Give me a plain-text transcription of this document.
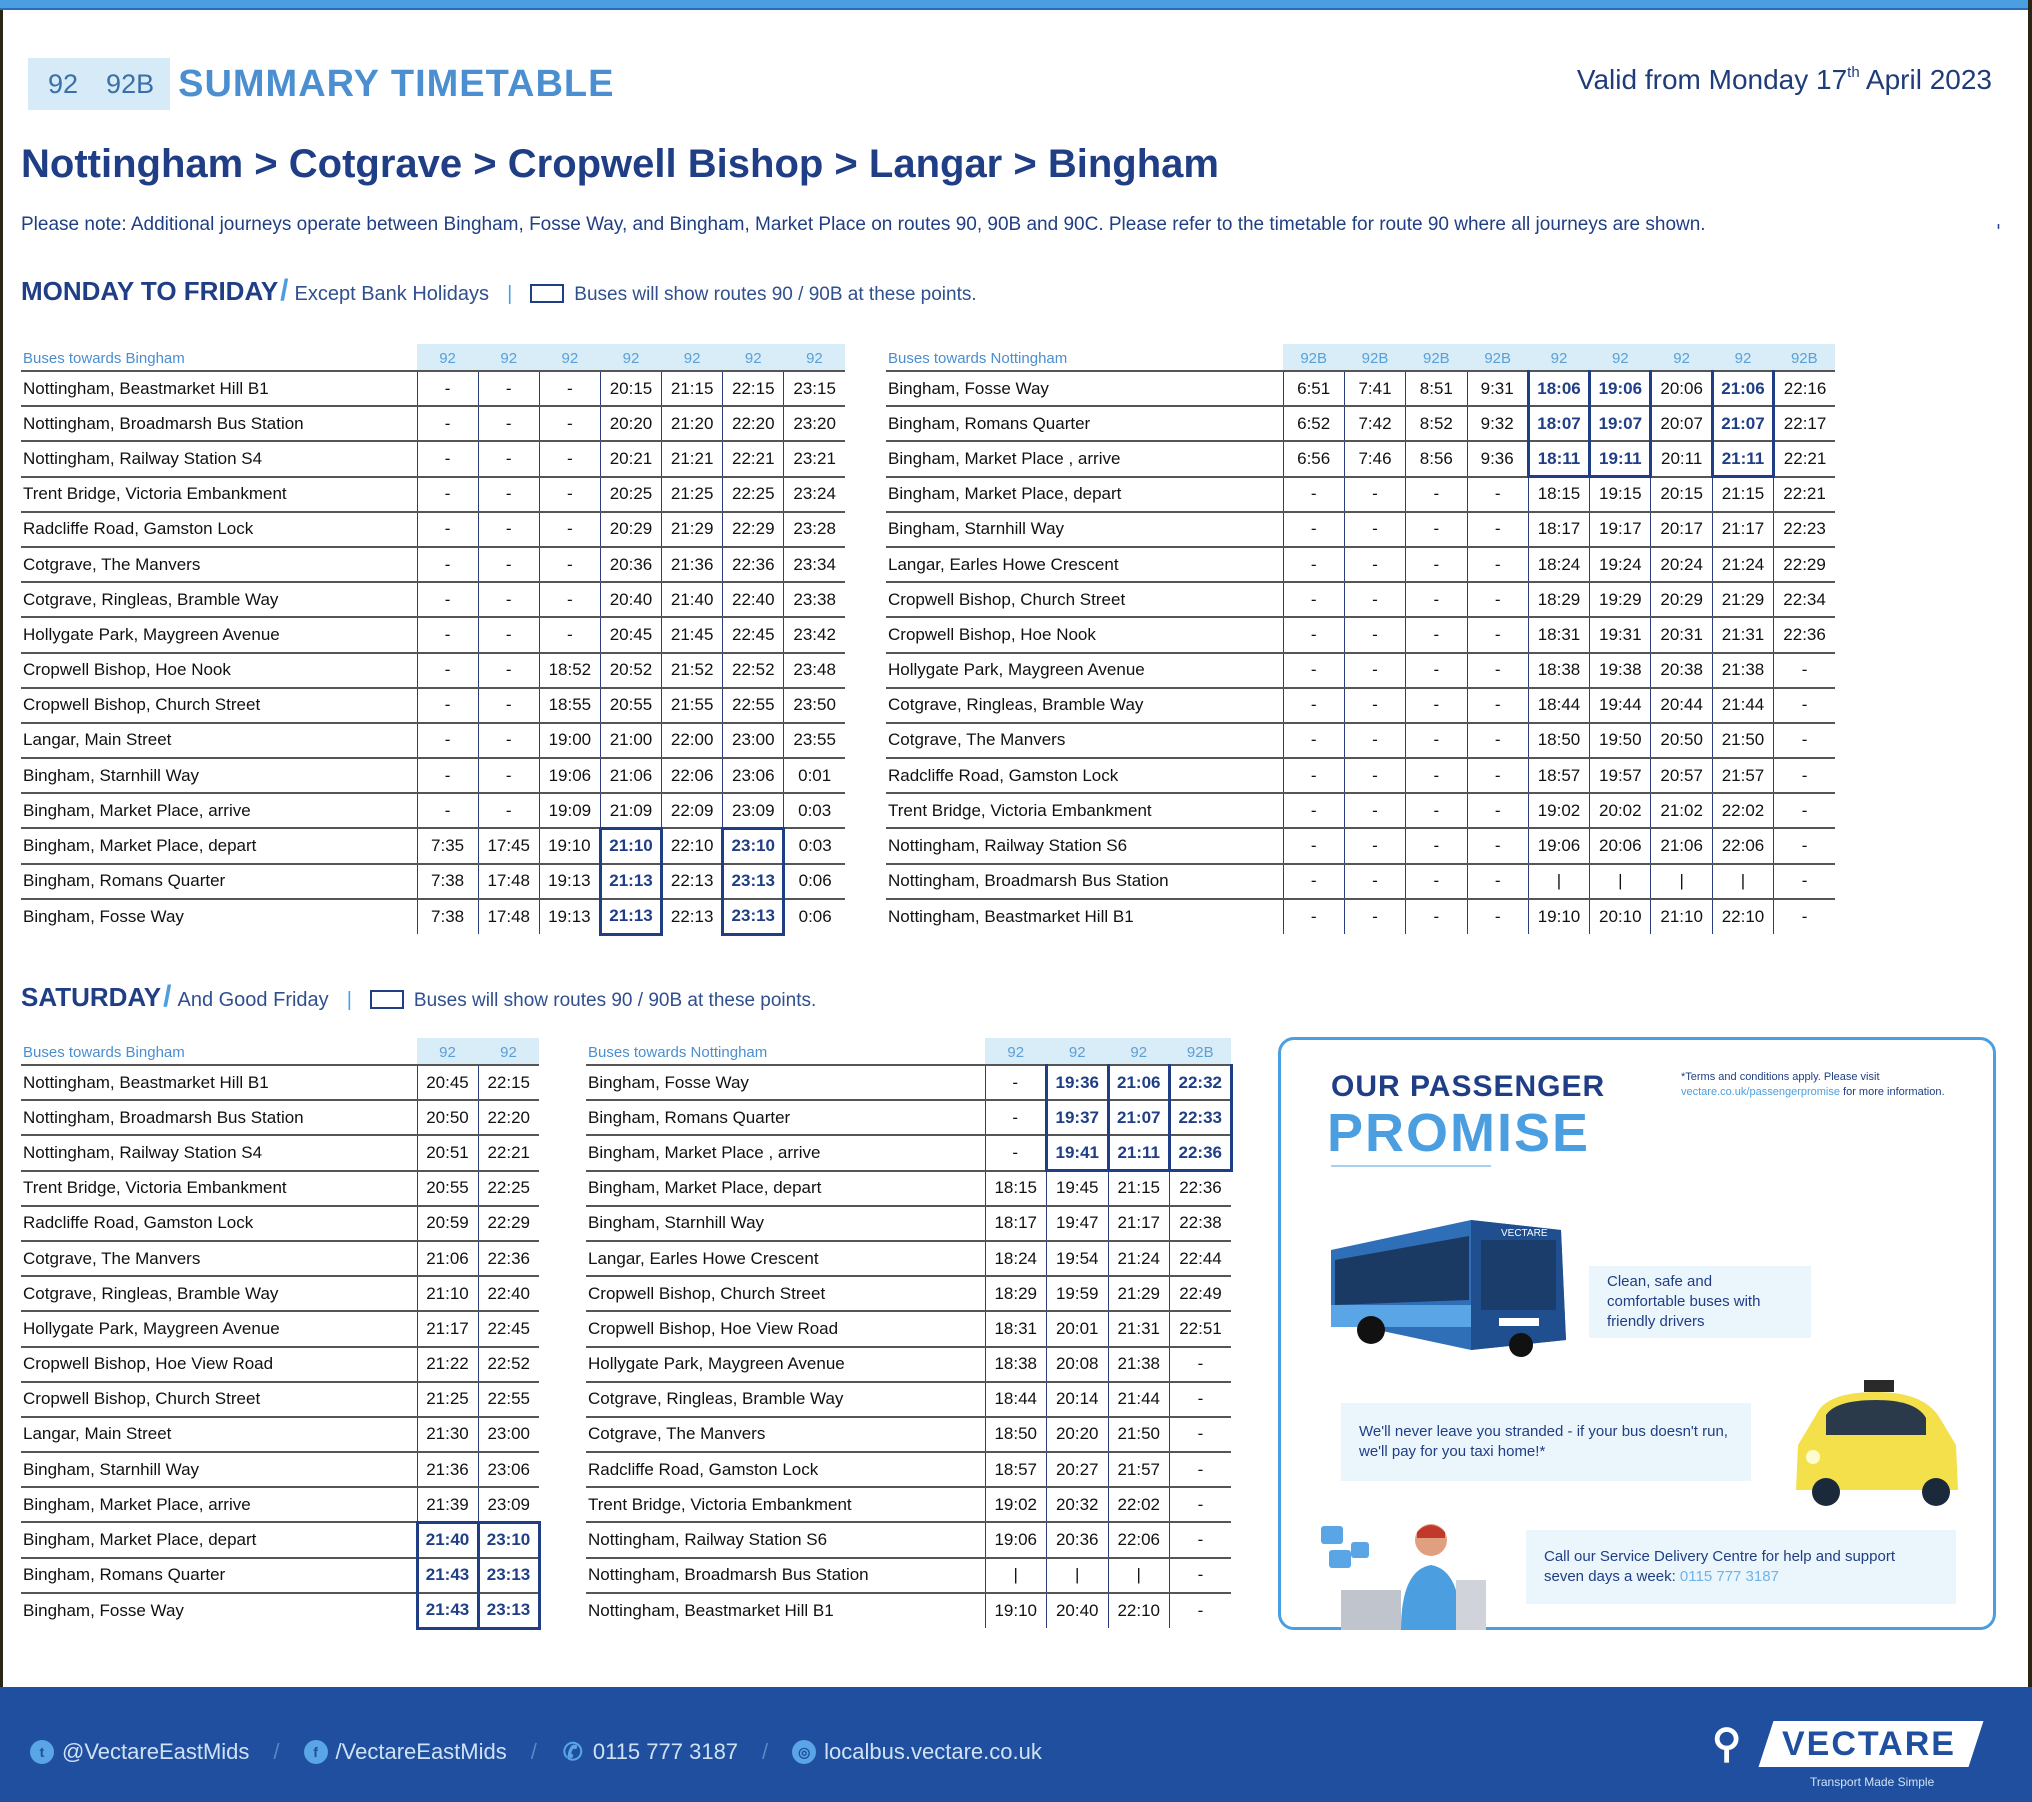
92	92B SUMMARY TIMETABLE	Valid from Monday 17th April 2023
Nottingham > Cotgrave > Cropwell Bishop > Langar > Bingham
Please note: Additional journeys operate between Bingham, Fosse Way, and Bingham, Market Place on routes 90, 90B and 90C. Please refer to the timetable for route 90 where all journeys are shown.	'
MONDAY TO FRIDAY / Except Bank Holidays |	Buses will show routes 90 / 90B at these points.
Buses towards Bingham	92	92	92	92	92	92	92
Nottingham, Beastmarket Hill B1	-	-	-	20:15	21:15	22:15	23:15
Nottingham, Broadmarsh Bus Station	-	-	-	20:20	21:20	22:20	23:20
Nottingham, Railway Station S4	-	-	-	20:21	21:21	22:21	23:21
Trent Bridge, Victoria Embankment	-	-	-	20:25	21:25	22:25	23:24
Radcliffe Road, Gamston Lock	-	-	-	20:29	21:29	22:29	23:28
Cotgrave, The Manvers	-	-	-	20:36	21:36	22:36	23:34
Cotgrave, Ringleas, Bramble Way	-	-	-	20:40	21:40	22:40	23:38
Hollygate Park, Maygreen Avenue	-	-	-	20:45	21:45	22:45	23:42
Cropwell Bishop, Hoe Nook	-	-	18:52	20:52	21:52	22:52	23:48
Cropwell Bishop, Church Street	-	-	18:55	20:55	21:55	22:55	23:50
Langar, Main Street	-	-	19:00	21:00	22:00	23:00	23:55
Bingham, Starnhill Way	-	-	19:06	21:06	22:06	23:06	0:01
Bingham, Market Place, arrive	-	-	19:09	21:09	22:09	23:09	0:03
Bingham, Market Place, depart	7:35	17:45	19:10	21:10	22:10	23:10	0:03
Bingham, Romans Quarter	7:38	17:48	19:13	21:13	22:13	23:13	0:06
Bingham, Fosse Way	7:38	17:48	19:13	21:13	22:13	23:13	0:06
Buses towards Nottingham	92B	92B	92B	92B	92	92	92	92	92B
Bingham, Fosse Way	6:51	7:41	8:51	9:31	18:06	19:06	20:06	21:06	22:16
Bingham, Romans Quarter	6:52	7:42	8:52	9:32	18:07	19:07	20:07	21:07	22:17
Bingham, Market Place , arrive	6:56	7:46	8:56	9:36	18:11	19:11	20:11	21:11	22:21
Bingham, Market Place, depart	-	-	-	-	18:15	19:15	20:15	21:15	22:21
Bingham, Starnhill Way	-	-	-	-	18:17	19:17	20:17	21:17	22:23
Langar, Earles Howe Crescent	-	-	-	-	18:24	19:24	20:24	21:24	22:29
Cropwell Bishop, Church Street	-	-	-	-	18:29	19:29	20:29	21:29	22:34
Cropwell Bishop, Hoe Nook	-	-	-	-	18:31	19:31	20:31	21:31	22:36
Hollygate Park, Maygreen Avenue	-	-	-	-	18:38	19:38	20:38	21:38	-
Cotgrave, Ringleas, Bramble Way	-	-	-	-	18:44	19:44	20:44	21:44	-
Cotgrave, The Manvers	-	-	-	-	18:50	19:50	20:50	21:50	-
Radcliffe Road, Gamston Lock	-	-	-	-	18:57	19:57	20:57	21:57	-
Trent Bridge, Victoria Embankment	-	-	-	-	19:02	20:02	21:02	22:02	-
Nottingham, Railway Station S6	-	-	-	-	19:06	20:06	21:06	22:06	-
Nottingham, Broadmarsh Bus Station	-	-	-	-	|	|	|	|	-
Nottingham, Beastmarket Hill B1	-	-	-	-	19:10	20:10	21:10	22:10	-
SATURDAY / And Good Friday |	Buses will show routes 90 / 90B at these points.
Buses towards Bingham	92	92
Nottingham, Beastmarket Hill B1	20:45	22:15
Nottingham, Broadmarsh Bus Station	20:50	22:20
Nottingham, Railway Station S4	20:51	22:21
Trent Bridge, Victoria Embankment	20:55	22:25
Radcliffe Road, Gamston Lock	20:59	22:29
Cotgrave, The Manvers	21:06	22:36
Cotgrave, Ringleas, Bramble Way	21:10	22:40
Hollygate Park, Maygreen Avenue	21:17	22:45
Cropwell Bishop, Hoe View Road	21:22	22:52
Cropwell Bishop, Church Street	21:25	22:55
Langar, Main Street	21:30	23:00
Bingham, Starnhill Way	21:36	23:06
Bingham, Market Place, arrive	21:39	23:09
Bingham, Market Place, depart	21:40	23:10
Bingham, Romans Quarter	21:43	23:13
Bingham, Fosse Way	21:43	23:13
Buses towards Nottingham	92	92	92	92B
Bingham, Fosse Way	-	19:36	21:06	22:32
Bingham, Romans Quarter	-	19:37	21:07	22:33
Bingham, Market Place , arrive	-	19:41	21:11	22:36
Bingham, Market Place, depart	18:15	19:45	21:15	22:36
Bingham, Starnhill Way	18:17	19:47	21:17	22:38
Langar, Earles Howe Crescent	18:24	19:54	21:24	22:44
Cropwell Bishop, Church Street	18:29	19:59	21:29	22:49
Cropwell Bishop, Hoe View Road	18:31	20:01	21:31	22:51
Hollygate Park, Maygreen Avenue	18:38	20:08	21:38	-
Cotgrave, Ringleas, Bramble Way	18:44	20:14	21:44	-
Cotgrave, The Manvers	18:50	20:20	21:50	-
Radcliffe Road, Gamston Lock	18:57	20:27	21:57	-
Trent Bridge, Victoria Embankment	19:02	20:32	22:02	-
Nottingham, Railway Station S6	19:06	20:36	22:06	-
Nottingham, Broadmarsh Bus Station	|	|	|	-
Nottingham, Beastmarket Hill B1	19:10	20:40	22:10	-
OUR PASSENGER
PROMISE
*Terms and conditions apply. Please visit
vectare.co.uk/passengerpromise for more information.
VECTARE
Clean, safe and comfortable buses with friendly drivers
We'll never leave you stranded - if your bus doesn't run, we'll pay for you taxi home!*
Call our Service Delivery Centre for help and support seven days a week: 0115 777 3187
t @VectareEastMids /	f /VectareEastMids / ✆ 0115 777 3187 /	◎ localbus.vectare.co.uk	⚲	VECTARE
Transport Made Simple
